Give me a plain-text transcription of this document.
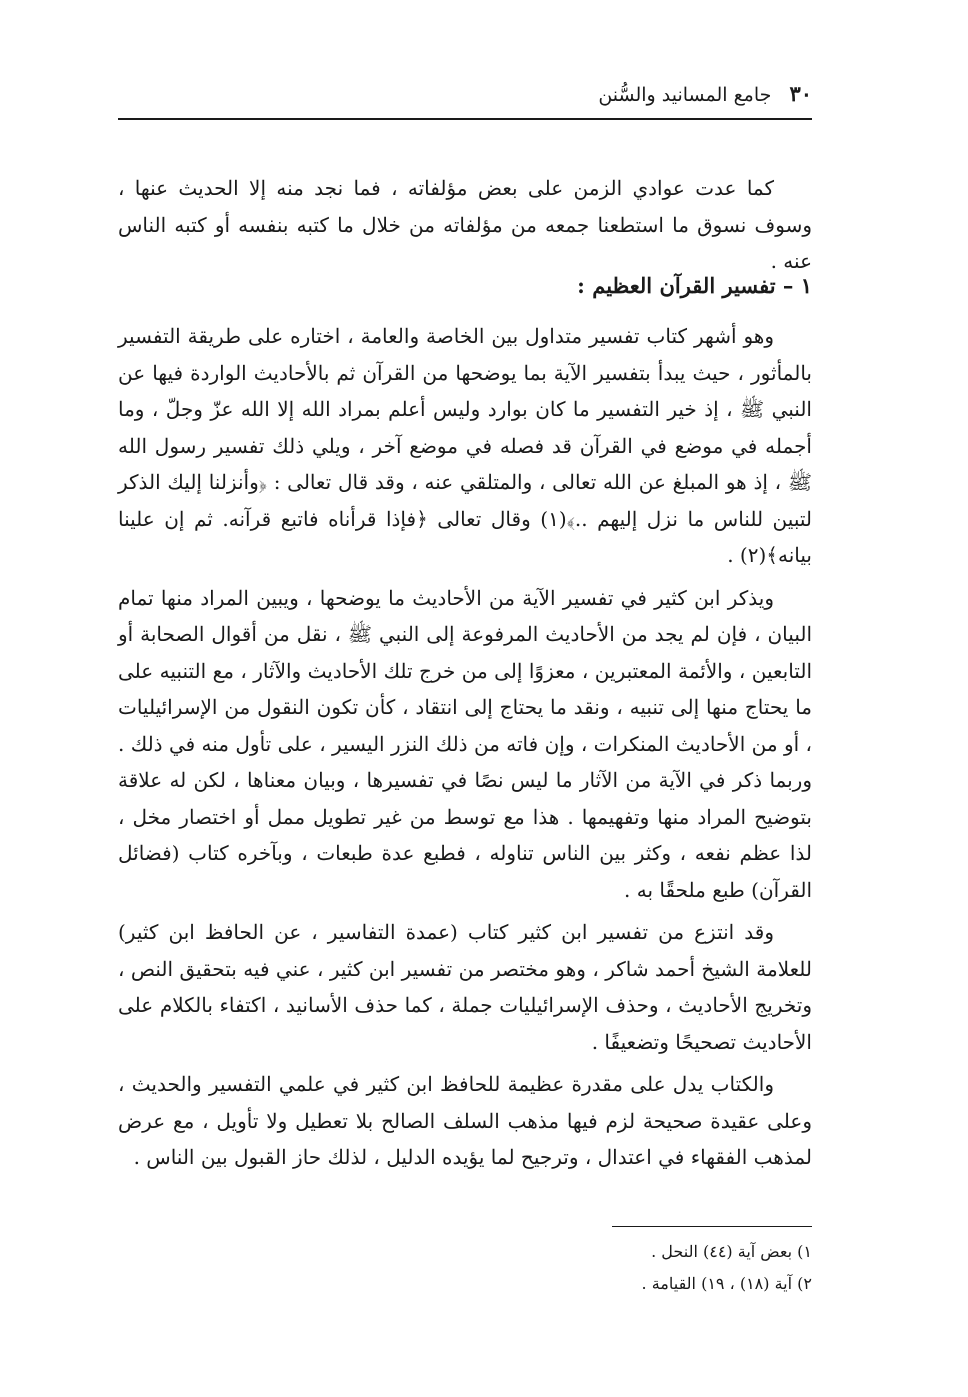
٣٠ جامع المسانيد والسُّنن

كما عدت عوادي الزمن على بعض مؤلفاته ، فما نجد منه إلا الحديث عنها ، وسوف نسوق ما استطعنا جمعه من مؤلفاته من خلال ما كتبه بنفسه أو كتبه الناس عنه .

١ – تفسير القرآن العظيم :

وهو أشهر كتاب تفسير متداول بين الخاصة والعامة ، اختاره على طريقة التفسير بالمأثور ، حيث يبدأ بتفسير الآية بما يوضحها من القرآن ثم بالأحاديث الواردة فيها عن النبي ﷺ ، إذ خير التفسير ما كان بوارد وليس أعلم بمراد الله إلا الله عزّ وجلّ ، وما أجمله في موضع في القرآن قد فصله في موضع آخر ، ويلي ذلك تفسير رسول الله ﷺ ، إذ هو المبلغ عن الله تعالى ، والمتلقي عنه ، وقد قال تعالى : ﴿وأنزلنا إليك الذكر لتبين للناس ما نزل إليهم ..﴾(١) وقال تعالى ﴿فإذا قرأناه فاتبع قرآنه. ثم إن علينا بيانه﴾(٢) .

ويذكر ابن كثير في تفسير الآية من الأحاديث ما يوضحها ، ويبين المراد منها تمام البيان ، فإن لم يجد من الأحاديث المرفوعة إلى النبي ﷺ ، نقل من أقوال الصحابة أو التابعين ، والأئمة المعتبرين ، معزوًا إلى من خرج تلك الأحاديث والآثار ، مع التنبيه على ما يحتاج منها إلى تنبيه ، ونقد ما يحتاج إلى انتقاد ، كأن تكون النقول من الإسرائيليات ، أو من الأحاديث المنكرات ، وإن فاته من ذلك النزر اليسير ، على تأول منه في ذلك . وربما ذكر في الآية من الآثار ما ليس نصًا في تفسيرها ، وبيان معناها ، لكن له علاقة بتوضيح المراد منها وتفهيمها . هذا مع توسط من غير تطويل ممل أو اختصار مخل ، لذا عظم نفعه ، وكثر بين الناس تناوله ، فطبع عدة طبعات ، وبآخره كتاب (فضائل القرآن) طبع ملحقًا به .

وقد انتزع من تفسير ابن كثير كتاب (عمدة التفاسير ، عن الحافظ ابن كثير) للعلامة الشيخ أحمد شاكر ، وهو مختصر من تفسير ابن كثير ، عني فيه بتحقيق النص ، وتخريج الأحاديث ، وحذف الإسرائيليات جملة ، كما حذف الأسانيد ، اكتفاء بالكلام على الأحاديث تصحيحًا وتضعيفًا .

والكتاب يدل على مقدرة عظيمة للحافظ ابن كثير في علمي التفسير والحديث ، وعلى عقيدة صحيحة لزم فيها مذهب السلف الصالح بلا تعطيل ولا تأويل ، مع عرض لمذهب الفقهاء في اعتدال ، وترجيح لما يؤيده الدليل ، لذلك حاز القبول بين الناس .

١) بعض آية (٤٤) النحل .
٢) آية (١٨) ، ١٩) القيامة .
